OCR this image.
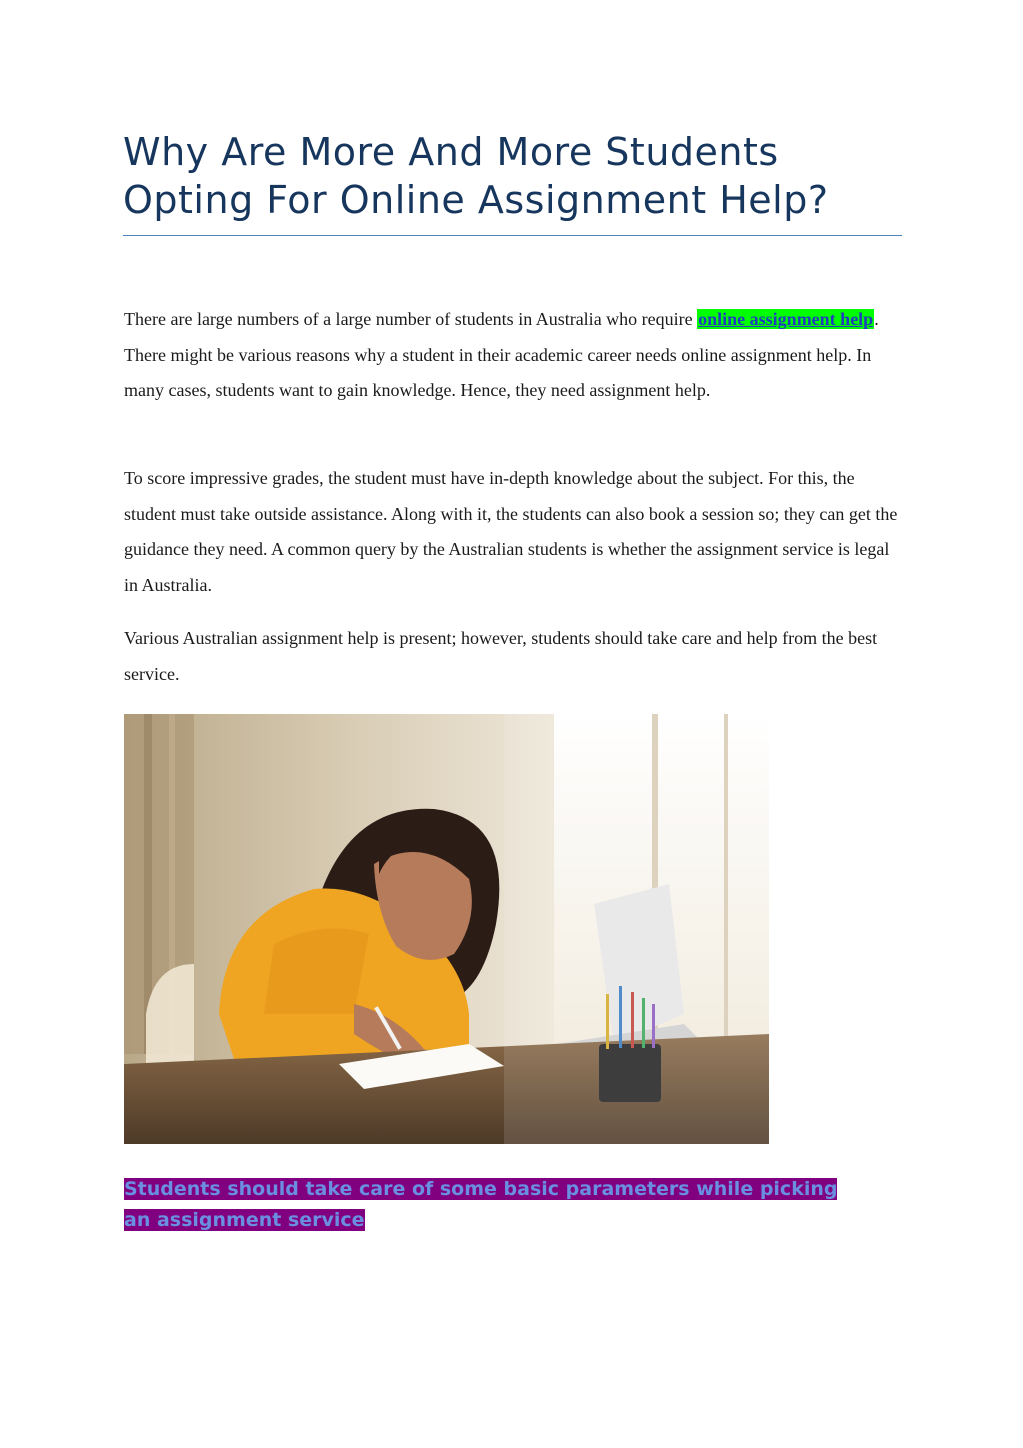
Why Are More And More Students Opting For Online Assignment Help?

There are large numbers of a large number of students in Australia who require online assignment help. There might be various reasons why a student in their academic career needs online assignment help. In many cases, students want to gain knowledge. Hence, they need assignment help.

To score impressive grades, the student must have in-depth knowledge about the subject. For this, the student must take outside assistance. Along with it, the students can also book a session so; they can get the guidance they need. A common query by the Australian students is whether the assignment service is legal in Australia.

Various Australian assignment help is present; however, students should take care and help from the best service.

Students should take care of some basic parameters while picking an assignment service
